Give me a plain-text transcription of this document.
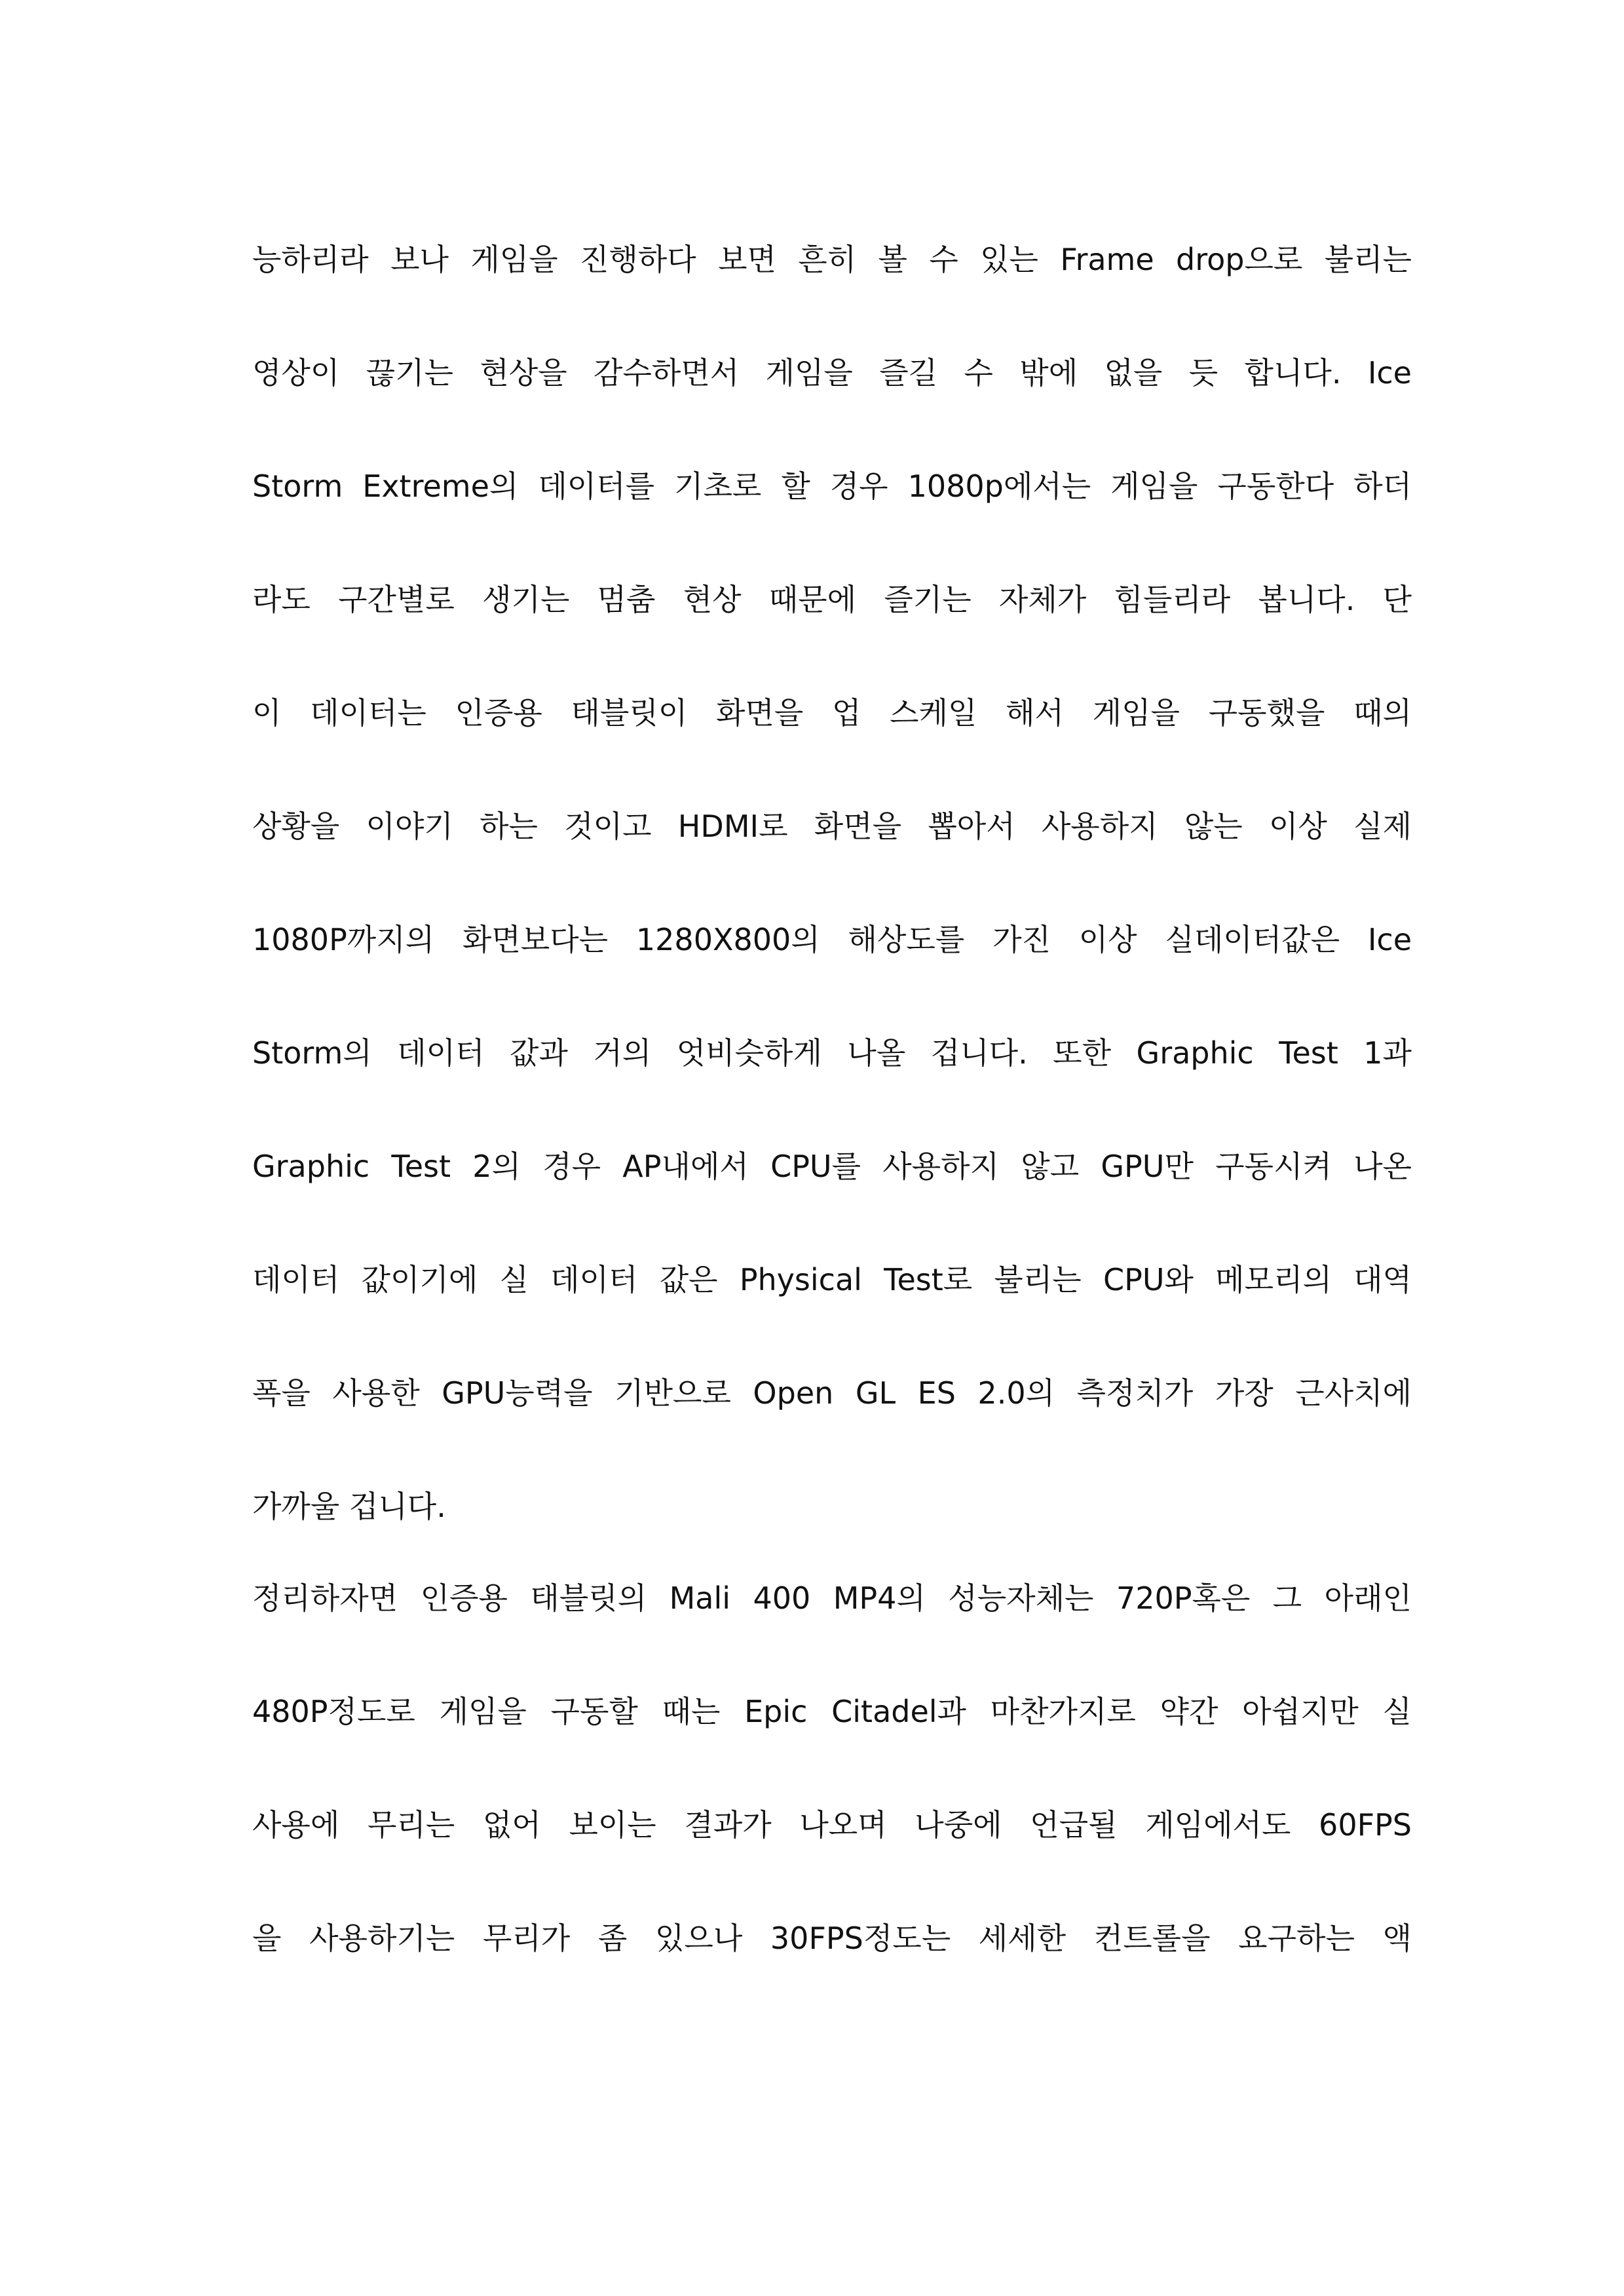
능하리라 보나 게임을 진행하다 보면 흔히 볼 수 있는 Frame drop으로 불리는
영상이 끊기는 현상을 감수하면서 게임을 즐길 수 밖에 없을 듯 합니다. Ice
Storm Extreme의 데이터를 기초로 할 경우 1080p에서는 게임을 구동한다 하더
라도 구간별로 생기는 멈춤 현상 때문에 즐기는 자체가 힘들리라 봅니다. 단
이 데이터는 인증용 태블릿이 화면을 업 스케일 해서 게임을 구동했을 때의
상황을 이야기 하는 것이고 HDMI로 화면을 뽑아서 사용하지 않는 이상 실제
1080P까지의 화면보다는 1280X800의 해상도를 가진 이상 실데이터값은 Ice
Storm의 데이터 값과 거의 엇비슷하게 나올 겁니다. 또한 Graphic Test 1과
Graphic Test 2의 경우 AP내에서 CPU를 사용하지 않고 GPU만 구동시켜 나온
데이터 값이기에 실 데이터 값은 Physical Test로 불리는 CPU와 메모리의 대역
폭을 사용한 GPU능력을 기반으로 Open GL ES 2.0의 측정치가 가장 근사치에
가까울 겁니다.
정리하자면 인증용 태블릿의 Mali 400 MP4의 성능자체는 720P혹은 그 아래인
480P정도로 게임을 구동할 때는 Epic Citadel과 마찬가지로 약간 아쉽지만 실
사용에 무리는 없어 보이는 결과가 나오며 나중에 언급될 게임에서도 60FPS
을 사용하기는 무리가 좀 있으나 30FPS정도는 세세한 컨트롤을 요구하는 액
